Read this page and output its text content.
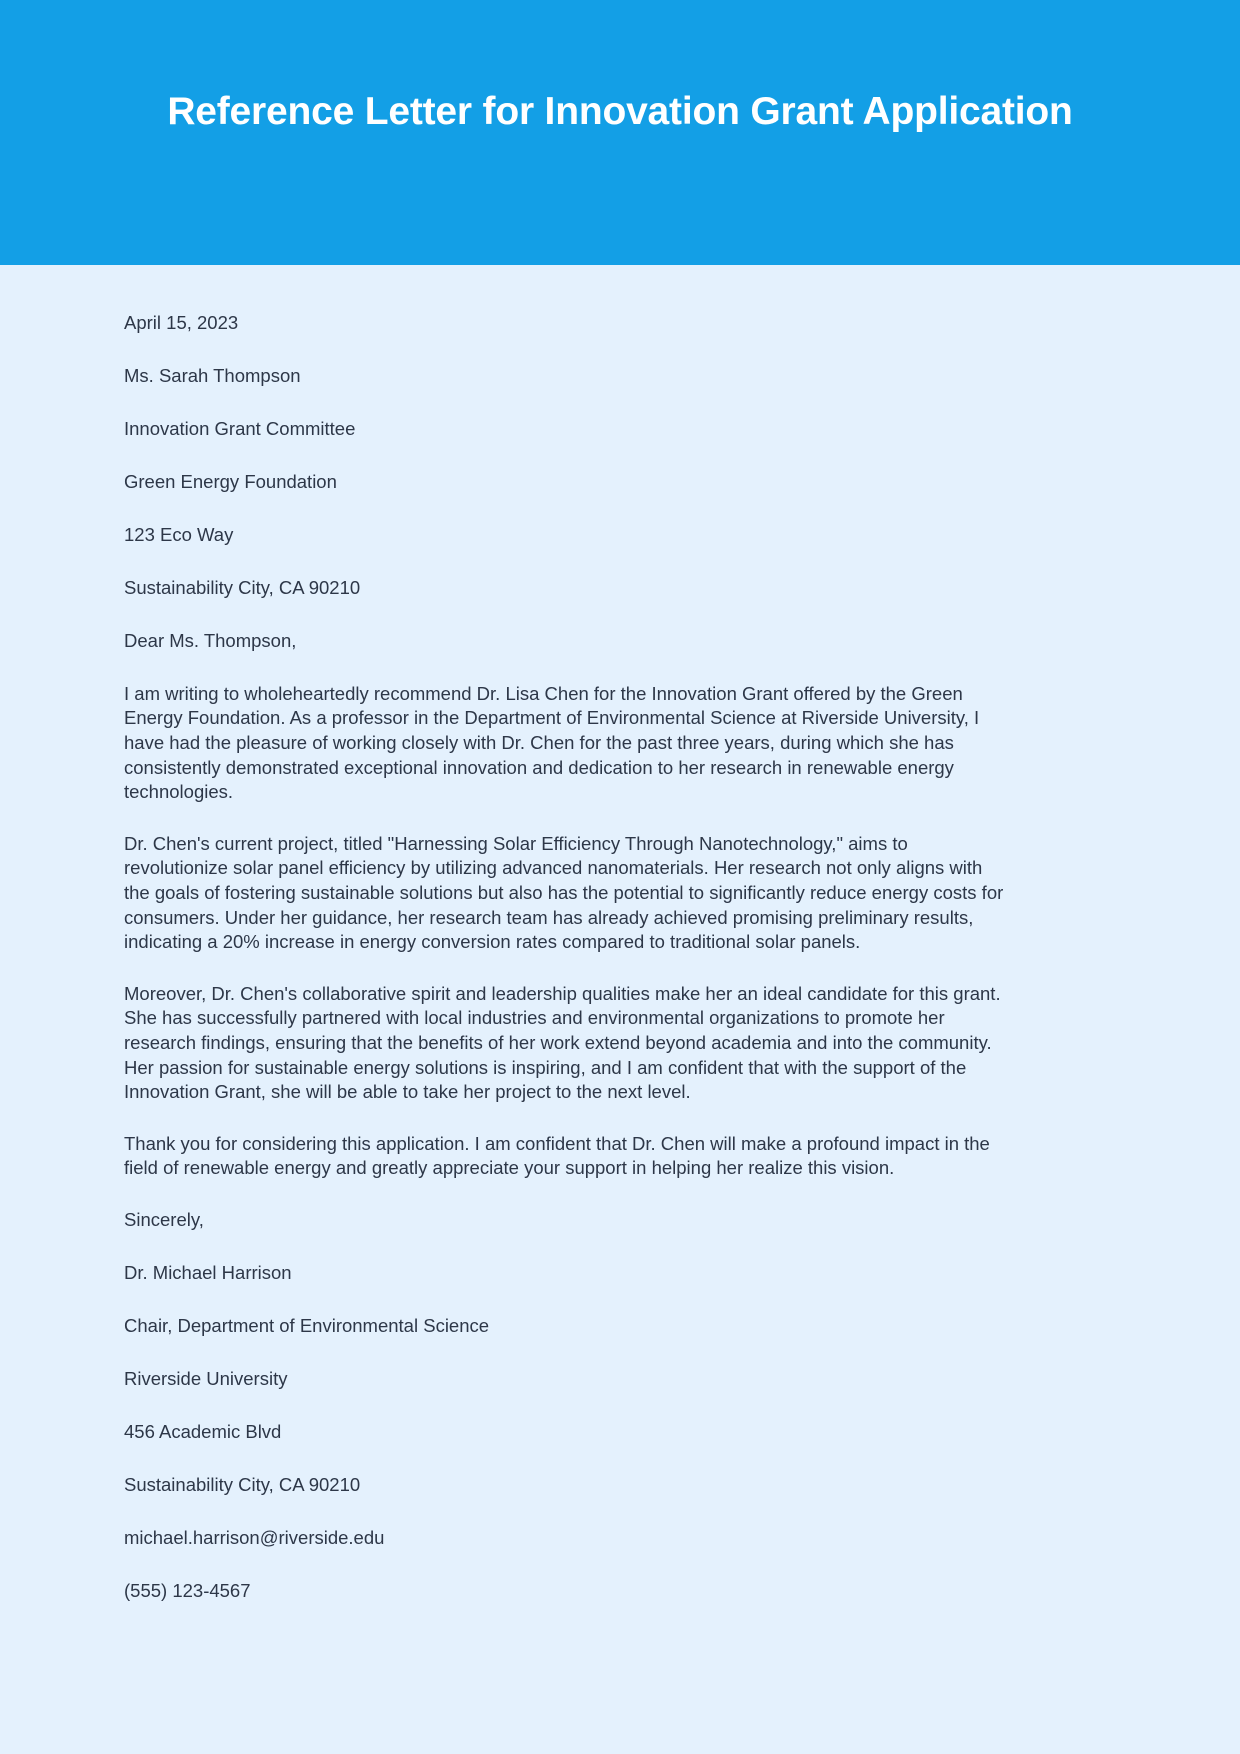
Reference Letter for Innovation Grant Application

April 15, 2023

Ms. Sarah Thompson

Innovation Grant Committee

Green Energy Foundation

123 Eco Way

Sustainability City, CA 90210

Dear Ms. Thompson,

I am writing to wholeheartedly recommend Dr. Lisa Chen for the Innovation Grant offered by the Green Energy Foundation. As a professor in the Department of Environmental Science at Riverside University, I have had the pleasure of working closely with Dr. Chen for the past three years, during which she has consistently demonstrated exceptional innovation and dedication to her research in renewable energy technologies.

Dr. Chen's current project, titled "Harnessing Solar Efficiency Through Nanotechnology," aims to revolutionize solar panel efficiency by utilizing advanced nanomaterials. Her research not only aligns with the goals of fostering sustainable solutions but also has the potential to significantly reduce energy costs for consumers. Under her guidance, her research team has already achieved promising preliminary results, indicating a 20% increase in energy conversion rates compared to traditional solar panels.

Moreover, Dr. Chen's collaborative spirit and leadership qualities make her an ideal candidate for this grant. She has successfully partnered with local industries and environmental organizations to promote her research findings, ensuring that the benefits of her work extend beyond academia and into the community. Her passion for sustainable energy solutions is inspiring, and I am confident that with the support of the Innovation Grant, she will be able to take her project to the next level.

Thank you for considering this application. I am confident that Dr. Chen will make a profound impact in the field of renewable energy and greatly appreciate your support in helping her realize this vision.

Sincerely,

Dr. Michael Harrison

Chair, Department of Environmental Science

Riverside University

456 Academic Blvd

Sustainability City, CA 90210

michael.harrison@riverside.edu

(555) 123-4567
